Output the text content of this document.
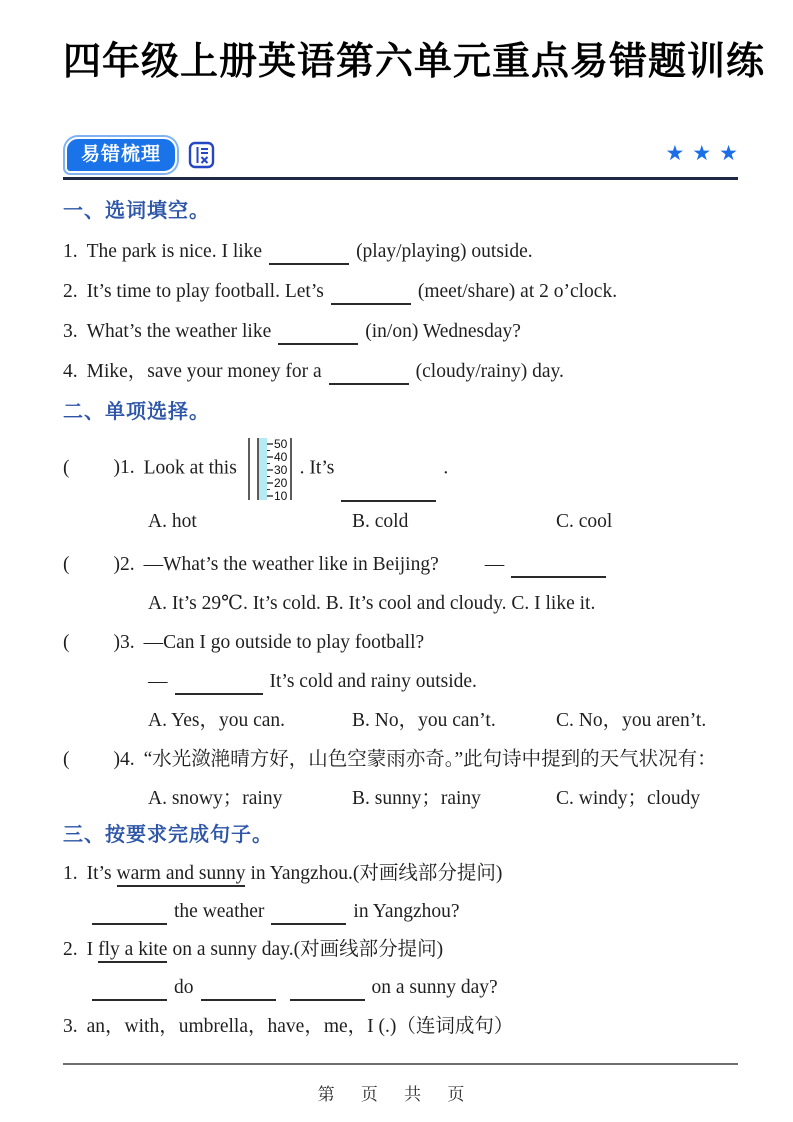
四年级上册英语第六单元重点易错题训练
易错梳理	★ ★ ★
一、选词填空。

1. The park is nice. I like	(play/playing) outside.

2. It’s time to play football. Let’s	(meet/share) at 2 o’clock.

3. What’s the weather like	(in/on) Wednesday?

4. Mike，save your money for a	(cloudy/rainy) day.

二、单项选择。

( )1. Look at this
50
40
30
20
10
. It’s	.

A. hot	B. cold	C. cool

( )2. —What’s the weather like in Beijing? —

A. It’s 29℃. It’s cold. B. It’s cool and cloudy. C. I like it.

( )3. —Can I go outside to play football?

—	It’s cold and rainy outside.

A. Yes，you can.	B. No，you can’t.	C. No，you aren’t.

( )4. “水光潋滟晴方好，山色空蒙雨亦奇。”此句诗中提到的天气状况有：

A. snowy；rainy	B. sunny；rainy	C. windy；cloudy
三、按要求完成句子。

1. It’s warm and sunny in Yangzhou.(对画线部分提问)

the weather	in Yangzhou?

2. I fly a kite on a sunny day.(对画线部分提问)

do	on a sunny day?

3. an，with，umbrella，have，me，I (.)（连词成句）

第 页 共 页
